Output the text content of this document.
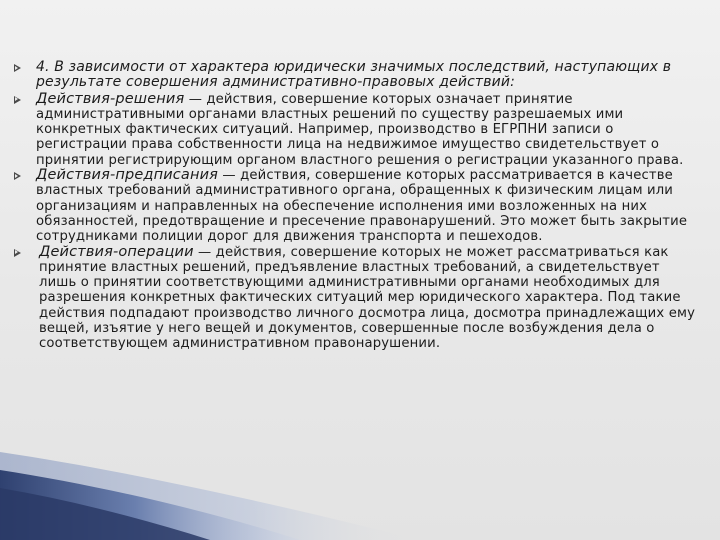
4. В зависимости от характера юридически значимых последствий, наступающих в результате совершения административно-правовых действий:
Действия-решения — действия, совершение которых означает принятие административными органами властных решений по существу разрешаемых ими конкретных фактических ситуаций. Например, производство в ЕГРПНИ записи о регистрации права собственности лица на недвижимое имущество свидетельствует о принятии регистрирующим органом властного решения о регистрации указанного права.
Действия-предписания — действия, совершение которых рассматривается в качестве властных требований административного органа, обращенных к физическим лицам или организациям и направленных на обеспечение исполнения ими возложенных на них обязанностей, предотвращение и пресечение правонарушений. Это может быть закрытие сотрудниками полиции дорог для движения транспорта и пешеходов.
Действия-операции — действия, совершение которых не может рассматриваться как принятие властных решений, предъявление властных требований, а свидетельствует лишь о принятии соответствующими административными органами необходимых для разрешения конкретных фактических ситуаций мер юридического характера. Под такие действия подпадают производство личного досмотра лица, досмотра принадлежащих ему вещей, изъятие у него вещей и документов, совершенные после возбуждения дела о соответствующем административном правонарушении.
